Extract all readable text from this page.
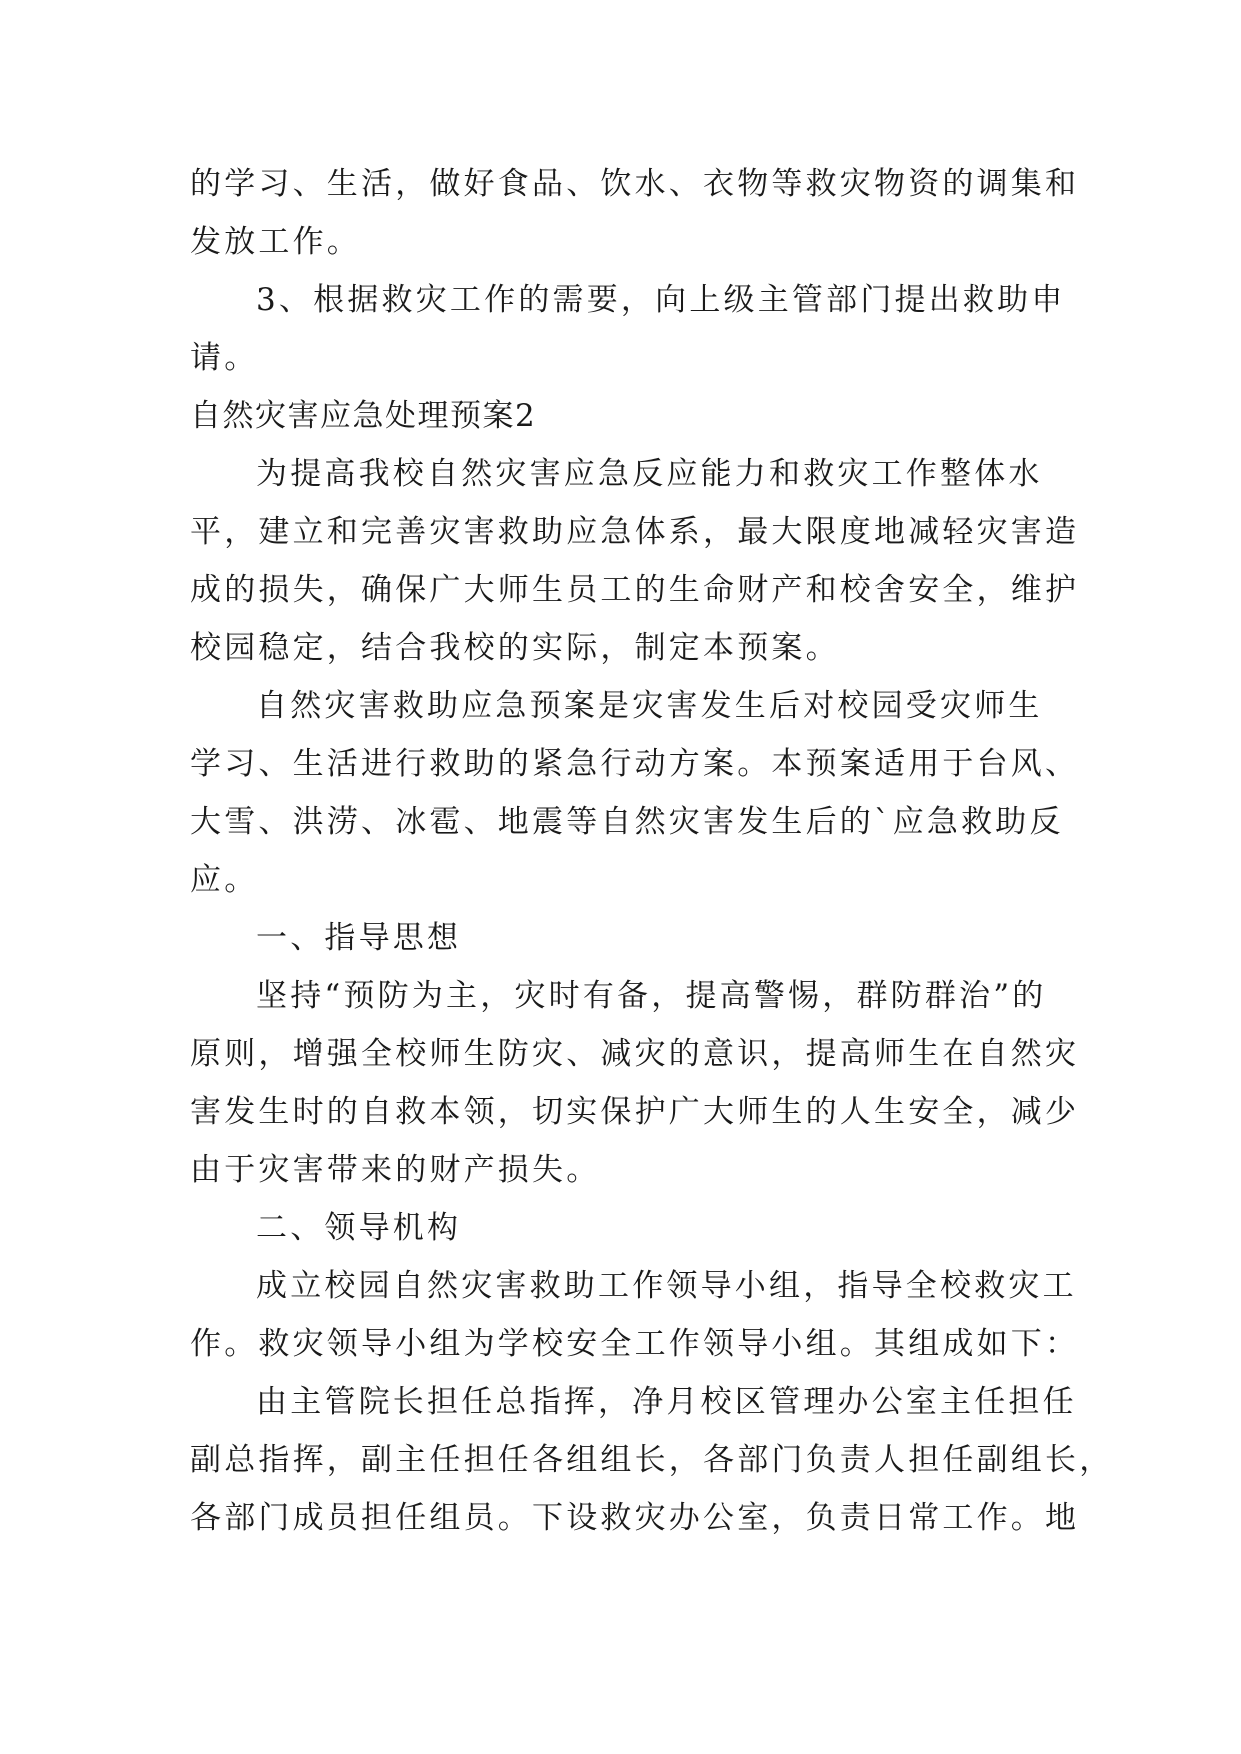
的学习、生活，做好食品、饮水、衣物等救灾物资的调集和
发放工作。
3、根据救灾工作的需要，向上级主管部门提出救助申
请。
自然灾害应急处理预案2
为提高我校自然灾害应急反应能力和救灾工作整体水
平，建立和完善灾害救助应急体系，最大限度地减轻灾害造
成的损失，确保广大师生员工的生命财产和校舍安全，维护
校园稳定，结合我校的实际，制定本预案。
自然灾害救助应急预案是灾害发生后对校园受灾师生
学习、生活进行救助的紧急行动方案。本预案适用于台风、
大雪、洪涝、冰雹、地震等自然灾害发生后的`应急救助反
应。
一、指导思想
坚持“预防为主，灾时有备，提高警惕，群防群治”的
原则，增强全校师生防灾、减灾的意识，提高师生在自然灾
害发生时的自救本领，切实保护广大师生的人生安全，减少
由于灾害带来的财产损失。
二、领导机构
成立校园自然灾害救助工作领导小组，指导全校救灾工
作。救灾领导小组为学校安全工作领导小组。其组成如下：
由主管院长担任总指挥，净月校区管理办公室主任担任
副总指挥，副主任担任各组组长，各部门负责人担任副组长，
各部门成员担任组员。下设救灾办公室，负责日常工作。地
